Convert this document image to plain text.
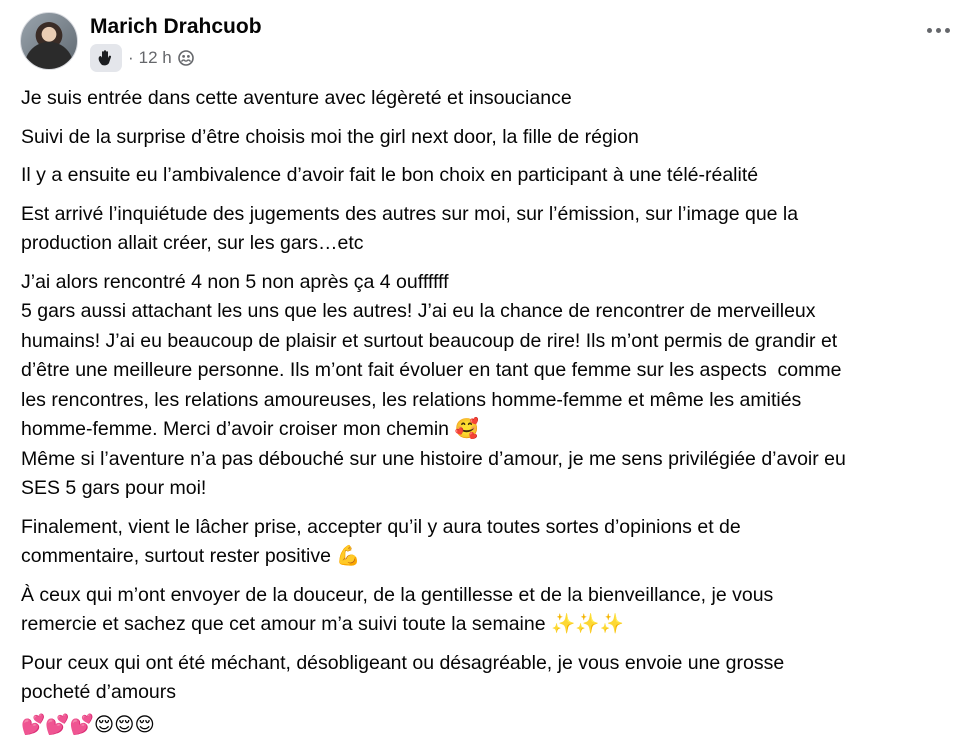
Marich Drahcuob
· 12 h

Je suis entrée dans cette aventure avec légèreté et insouciance

Suivi de la surprise d’être choisis moi the girl next door, la fille de région

Il y a ensuite eu l’ambivalence d’avoir fait le bon choix en participant à une télé-réalité

Est arrivé l’inquiétude des jugements des autres sur moi, sur l’émission, sur l’image que la
production allait créer, sur les gars…etc

J’ai alors rencontré 4 non 5 non après ça 4 ouffffff
5 gars aussi attachant les uns que les autres! J’ai eu la chance de rencontrer de merveilleux
humains! J’ai eu beaucoup de plaisir et surtout beaucoup de rire! Ils m’ont permis de grandir et
d’être une meilleure personne. Ils m’ont fait évoluer en tant que femme sur les aspects  comme
les rencontres, les relations amoureuses, les relations homme-femme et même les amitiés
homme-femme. Merci d’avoir croiser mon chemin 🥰
Même si l’aventure n’a pas débouché sur une histoire d’amour, je me sens privilégiée d’avoir eu
SES 5 gars pour moi!

Finalement, vient le lâcher prise, accepter qu’il y aura toutes sortes d’opinions et de
commentaire, surtout rester positive 💪

À ceux qui m’ont envoyer de la douceur, de la gentillesse et de la bienveillance, je vous
remercie et sachez que cet amour m’a suivi toute la semaine ✨✨✨

Pour ceux qui ont été méchant, désobligeant ou désagréable, je vous envoie une grosse
pocheté d’amours

💕💕💕😌😌😌
